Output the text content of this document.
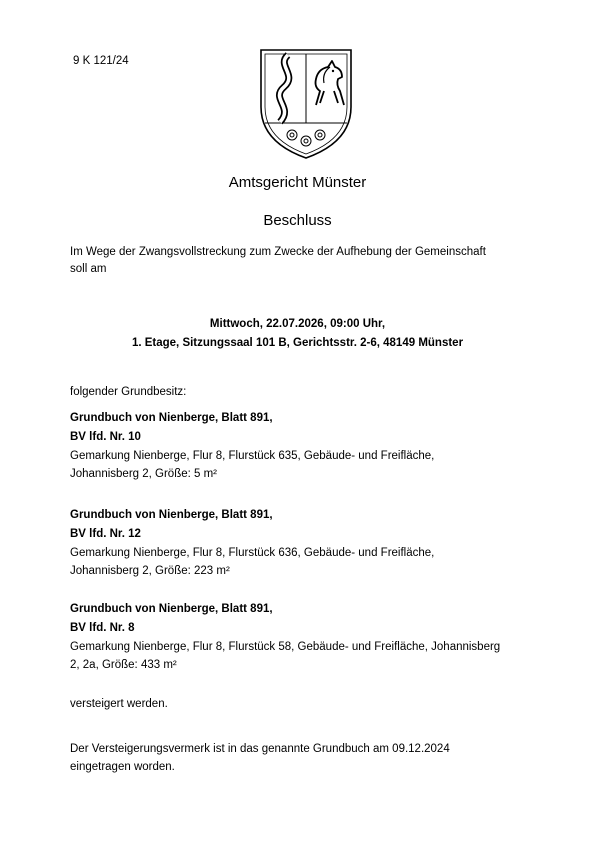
9 K 121/24
Amtsgericht Münster
Beschluss
Im Wege der Zwangsvollstreckung zum Zwecke der Aufhebung der Gemeinschaft
soll am
Mittwoch, 22.07.2026, 09:00 Uhr,
1. Etage, Sitzungssaal 101 B, Gerichtsstr. 2-6, 48149 Münster
folgender Grundbesitz:
Grundbuch von Nienberge, Blatt 891,
BV lfd. Nr. 10
Gemarkung Nienberge, Flur 8, Flurstück 635, Gebäude- und Freifläche,
Johannisberg 2, Größe: 5 m²
Grundbuch von Nienberge, Blatt 891,
BV lfd. Nr. 12
Gemarkung Nienberge, Flur 8, Flurstück 636, Gebäude- und Freifläche,
Johannisberg 2, Größe: 223 m²
Grundbuch von Nienberge, Blatt 891,
BV lfd. Nr. 8
Gemarkung Nienberge, Flur 8, Flurstück 58, Gebäude- und Freifläche, Johannisberg
2, 2a, Größe: 433 m²
versteigert werden.
Der Versteigerungsvermerk ist in das genannte Grundbuch am 09.12.2024
eingetragen worden.
